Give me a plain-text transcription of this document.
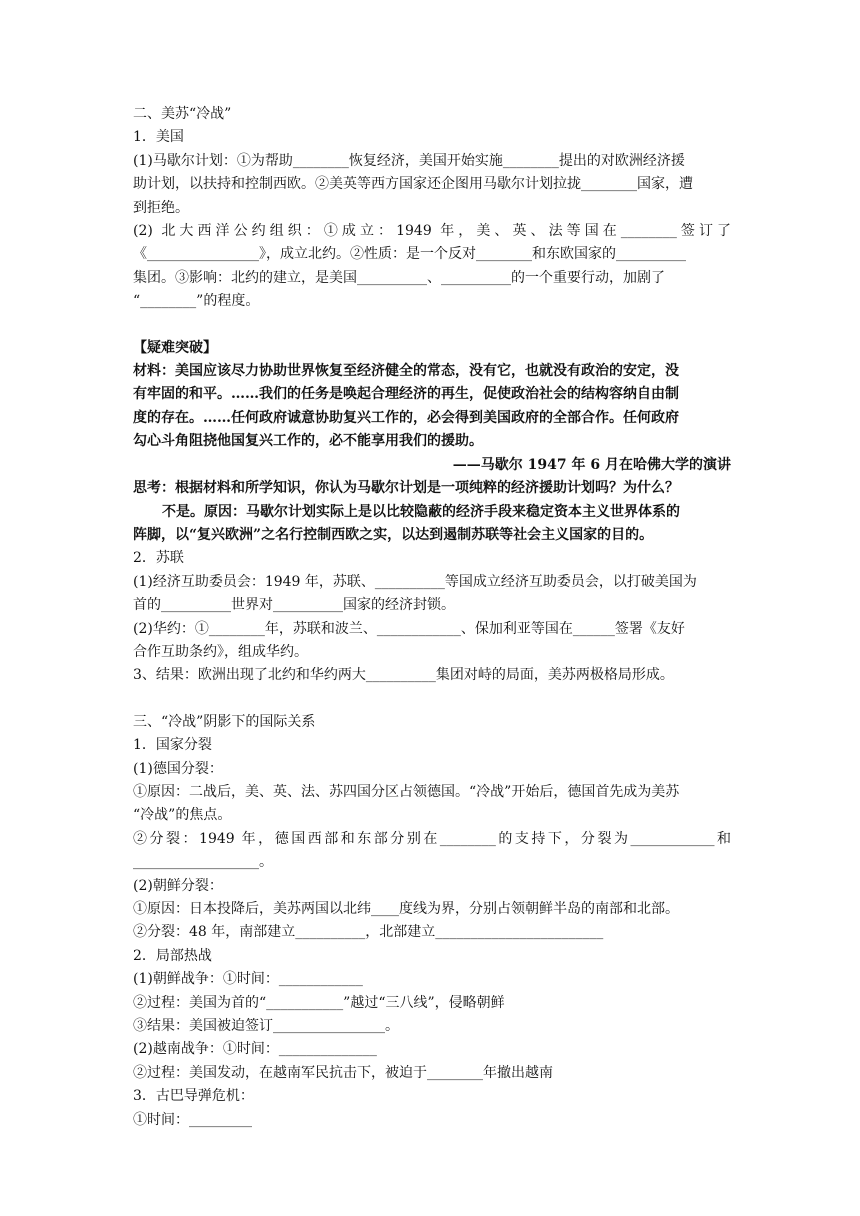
二、美苏“冷战”
1．美国
(1)马歇尔计划：①为帮助________恢复经济，美国开始实施________提出的对欧洲经济援
助计划，以扶持和控制西欧。②美英等西方国家还企图用马歇尔计划拉拢________国家，遭
到拒绝。
(2) 北大西洋公约组织：①成立：1949 年，美、英、法等国在________签订了
《________________》，成立北约。②性质：是一个反对________和东欧国家的__________
集团。③影响：北约的建立，是美国__________、__________的一个重要行动，加剧了
“________”的程度。
【疑难突破】
材料：美国应该尽力协助世界恢复至经济健全的常态，没有它，也就没有政治的安定，没
有牢固的和平。……我们的任务是唤起合理经济的再生，促使政治社会的结构容纳自由制
度的存在。……任何政府诚意协助复兴工作的，必会得到美国政府的全部合作。任何政府
勾心斗角阻挠他国复兴工作的，必不能享用我们的援助。
——马歇尔 1947 年 6 月在哈佛大学的演讲
思考：根据材料和所学知识，你认为马歇尔计划是一项纯粹的经济援助计划吗？为什么？
不是。原因：马歇尔计划实际上是以比较隐蔽的经济手段来稳定资本主义世界体系的
阵脚，以“复兴欧洲”之名行控制西欧之实，以达到遏制苏联等社会主义国家的目的。
2．苏联
(1)经济互助委员会：1949 年，苏联、__________等国成立经济互助委员会，以打破美国为
首的__________世界对__________国家的经济封锁。
(2)华约：①________年，苏联和波兰、____________、保加利亚等国在______签署《友好
合作互助条约》，组成华约。
3、结果：欧洲出现了北约和华约两大__________集团对峙的局面，美苏两极格局形成。
三、“冷战”阴影下的国际关系
1．国家分裂
(1)德国分裂：
①原因：二战后，美、英、法、苏四国分区占领德国。“冷战”开始后，德国首先成为美苏
“冷战”的焦点。
②分裂：1949 年，德国西部和东部分别在________的支持下，分裂为____________和
__________________。
(2)朝鲜分裂：
①原因：日本投降后，美苏两国以北纬____度线为界，分别占领朝鲜半岛的南部和北部。
②分裂：48 年，南部建立__________，北部建立________________________
2．局部热战
(1)朝鲜战争：①时间：____________
②过程：美国为首的“___________”越过“三八线”，侵略朝鲜
③结果：美国被迫签订________________。
(2)越南战争：①时间：______________
②过程：美国发动，在越南军民抗击下，被迫于________年撤出越南
3．古巴导弹危机：
①时间：_________
